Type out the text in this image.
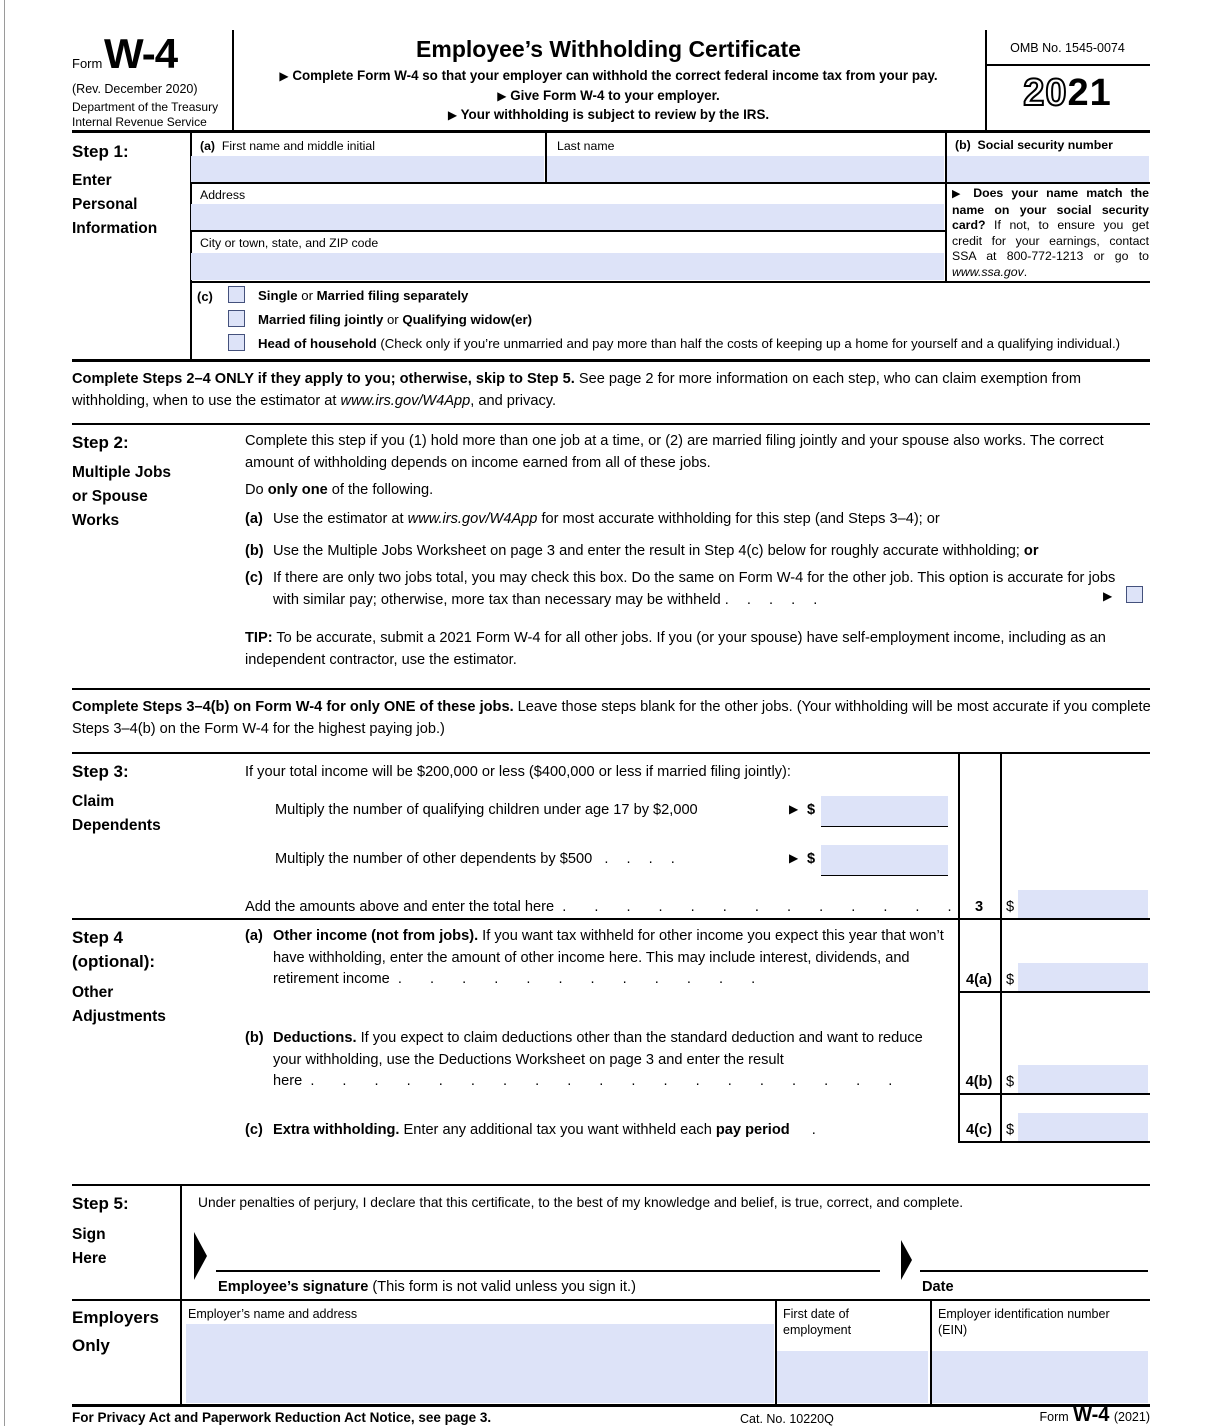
Form W-4
(Rev. December 2020)
Department of the Treasury
Internal Revenue Service
Employee’s Withholding Certificate
▶ Complete Form W-4 so that your employer can withhold the correct federal income tax from your pay.
▶ Give Form W-4 to your employer.
▶ Your withholding is subject to review by the IRS.
OMB No. 1545-0074
2021
Step 1:
Enter
Personal
Information
(a) First name and middle initial	Last name	(b) Social security number
Address
City or town, state, and ZIP code
▶ Does your name match the name on your social security card? If not, to ensure you get credit for your earnings, contact SSA at 800-772-1213 or go to www.ssa.gov.
(c)	Single or Married filing separately
Married filing jointly or Qualifying widow(er)
Head of household (Check only if you’re unmarried and pay more than half the costs of keeping up a home for yourself and a qualifying individual.)
Complete Steps 2–4 ONLY if they apply to you; otherwise, skip to Step 5. See page 2 for more information on each step, who can claim exemption from withholding, when to use the estimator at www.irs.gov/W4App, and privacy.
Step 2:
Multiple Jobs
or Spouse
Works
Complete this step if you (1) hold more than one job at a time, or (2) are married filing jointly and your spouse also works. The correct amount of withholding depends on income earned from all of these jobs.
Do only one of the following.
(a) Use the estimator at www.irs.gov/W4App for most accurate withholding for this step (and Steps 3–4); or
(b) Use the Multiple Jobs Worksheet on page 3 and enter the result in Step 4(c) below for roughly accurate withholding; or
(c) If there are only two jobs total, you may check this box. Do the same on Form W-4 for the other job. This option is accurate for jobs with similar pay; otherwise, more tax than necessary may be withheld . . . . .	▶
TIP: To be accurate, submit a 2021 Form W-4 for all other jobs. If you (or your spouse) have self-employment income, including as an independent contractor, use the estimator.
Complete Steps 3–4(b) on Form W-4 for only ONE of these jobs. Leave those steps blank for the other jobs. (Your withholding will be most accurate if you complete Steps 3–4(b) on the Form W-4 for the highest paying job.)
Step 3:
Claim
Dependents
If your total income will be $200,000 or less ($400,000 or less if married filing jointly):
Multiply the number of qualifying children under age 17 by $2,000	▶ $
Multiply the number of other dependents by $500 . . . .	▶ $
Add the amounts above and enter the total here . . . . . . . . . . . . .	3	$
Step 4
(optional):
Other
Adjustments
(a) Other income (not from jobs). If you want tax withheld for other income you expect this year that won’t have withholding, enter the amount of other income here. This may include interest, dividends, and retirement income . . . . . . . . . . . .	4(a) $
(b) Deductions. If you expect to claim deductions other than the standard deduction and want to reduce your withholding, use the Deductions Worksheet on page 3 and enter the result here . . . . . . . . . . . . . . . . . . .	4(b) $
(c) Extra withholding. Enter any additional tax you want withheld each pay period .	4(c) $
Step 5:
Sign
Here
Under penalties of perjury, I declare that this certificate, to the best of my knowledge and belief, is true, correct, and complete.
Employee’s signature (This form is not valid unless you sign it.)	Date
Employers
Only
Employer’s name and address	First date of employment
Employer identification number (EIN)
For Privacy Act and Paperwork Reduction Act Notice, see page 3.	Cat. No. 10220Q	Form W-4 (2021)
